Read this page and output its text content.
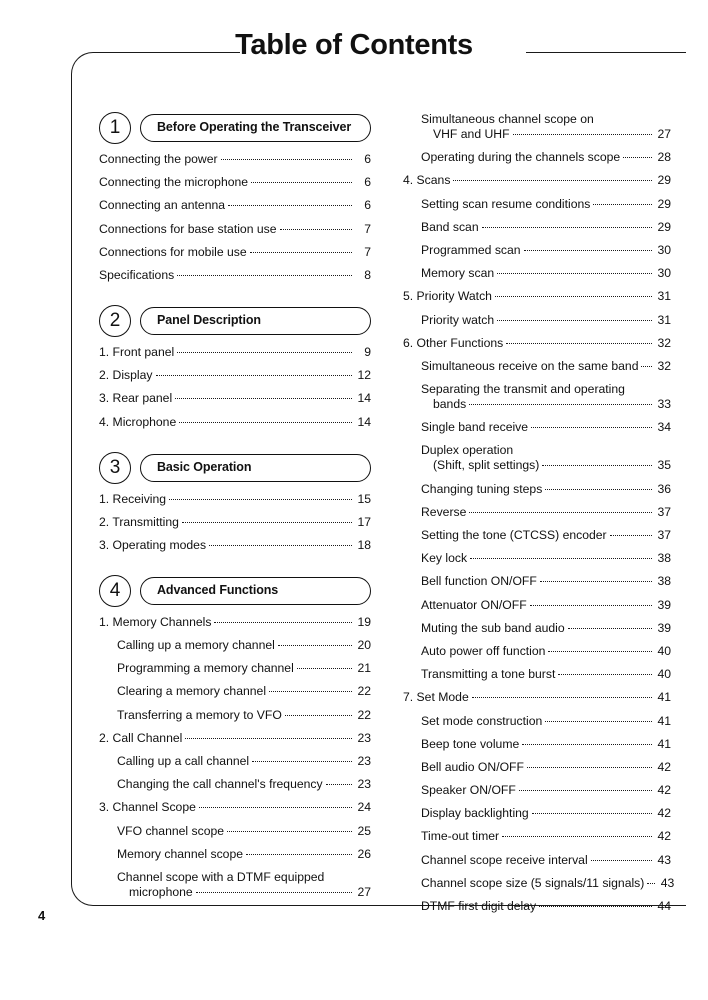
Table of Contents
1	Before Operating the Transceiver
Connecting the power	6
Connecting the microphone	6
Connecting an antenna	6
Connections for base station use	7
Connections for mobile use	7
Specifications	8
2	Panel Description
1. Front panel	9
2. Display	12
3. Rear panel	14
4. Microphone	14
3	Basic Operation
1. Receiving	15
2. Transmitting	17
3. Operating modes	18
4	Advanced Functions
1. Memory Channels	19
Calling up a memory channel	20
Programming a memory channel	21
Clearing a memory channel	22
Transferring a memory to VFO	22
2. Call Channel	23
Calling up a call channel	23
Changing the call channel's frequency	23
3. Channel Scope	24
VFO channel scope	25
Memory channel scope	26
Channel scope with a DTMF equipped
microphone	27
Simultaneous channel scope on
VHF and UHF	27
Operating during the channels scope	28
4. Scans	29
Setting scan resume conditions	29
Band scan	29
Programmed scan	30
Memory scan	30
5. Priority Watch	31
Priority watch	31
6. Other Functions	32
Simultaneous receive on the same band 32
Separating the transmit and operating
bands	33
Single band receive	34
Duplex operation
(Shift, split settings)	35
Changing tuning steps	36
Reverse	37
Setting the tone (CTCSS) encoder	37
Key lock	38
Bell function ON/OFF	38
Attenuator ON/OFF	39
Muting the sub band audio	39
Auto power off function	40
Transmitting a tone burst	40
7. Set Mode	41
Set mode construction	41
Beep tone volume	41
Bell audio ON/OFF	42
Speaker ON/OFF	42
Display backlighting	42
Time-out timer	42
Channel scope receive interval	43
Channel scope size (5 signals/11 signals) 43
DTMF first digit delay	44
4
